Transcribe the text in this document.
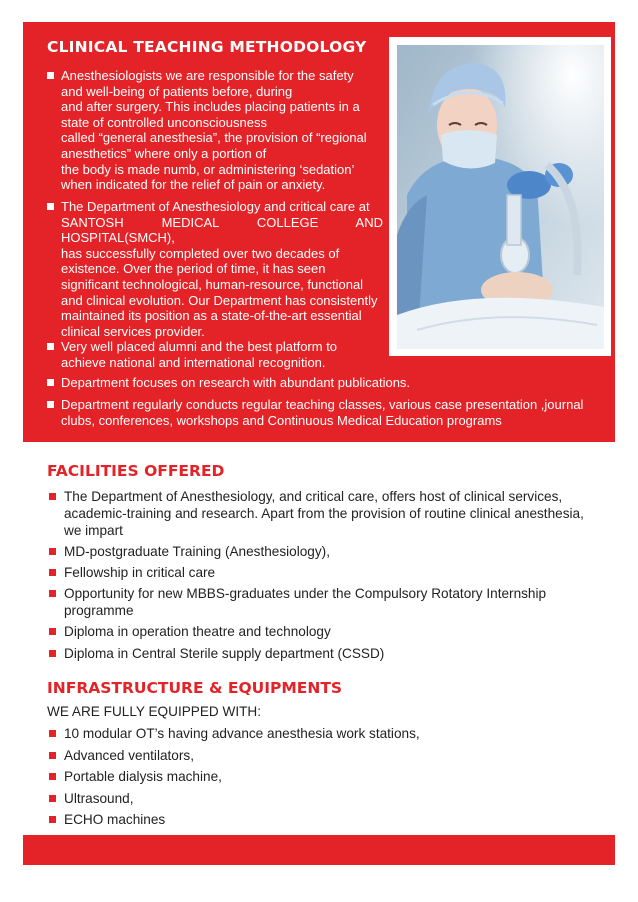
CLINICAL TEACHING METHODOLOGY

Anesthesiologists we are responsible for the safety

and well-being of patients before, during

and after surgery. This includes placing patients in a

state of controlled unconsciousness

called “general anesthesia”, the provision of “regional

anesthetics” where only a portion of

the body is made numb, or administering ‘sedation’

when indicated for the relief of pain or anxiety.

The Department of Anesthesiology and critical care at

SANTOSH MEDICAL COLLEGE AND HOSPITAL(SMCH),

has successfully completed over two decades of

existence. Over the period of time, it has seen

significant technological, human-resource, functional

and clinical evolution. Our Department has consistently

maintained its position as a state-of-the-art essential

clinical services provider.

Very well placed alumni and the best platform to

achieve national and international recognition.

Department focuses on research with abundant publications.

Department regularly conducts regular teaching classes, various case presentation ,journal

clubs, conferences, workshops and Continuous Medical Education programs

FACILITIES OFFERED

The Department of Anesthesiology, and critical care, offers host of clinical services,

academic-training and research. Apart from the provision of routine clinical anesthesia,

we impart

MD-postgraduate Training (Anesthesiology),

Fellowship in critical care

Opportunity for new MBBS-graduates under the Compulsory Rotatory Internship

programme

Diploma in operation theatre and technology

Diploma in Central Sterile supply department (CSSD)

INFRASTRUCTURE & EQUIPMENTS
WE ARE FULLY EQUIPPED WITH:

10 modular OT’s having advance anesthesia work stations,

Advanced ventilators,

Portable dialysis machine,

Ultrasound,

ECHO machines
